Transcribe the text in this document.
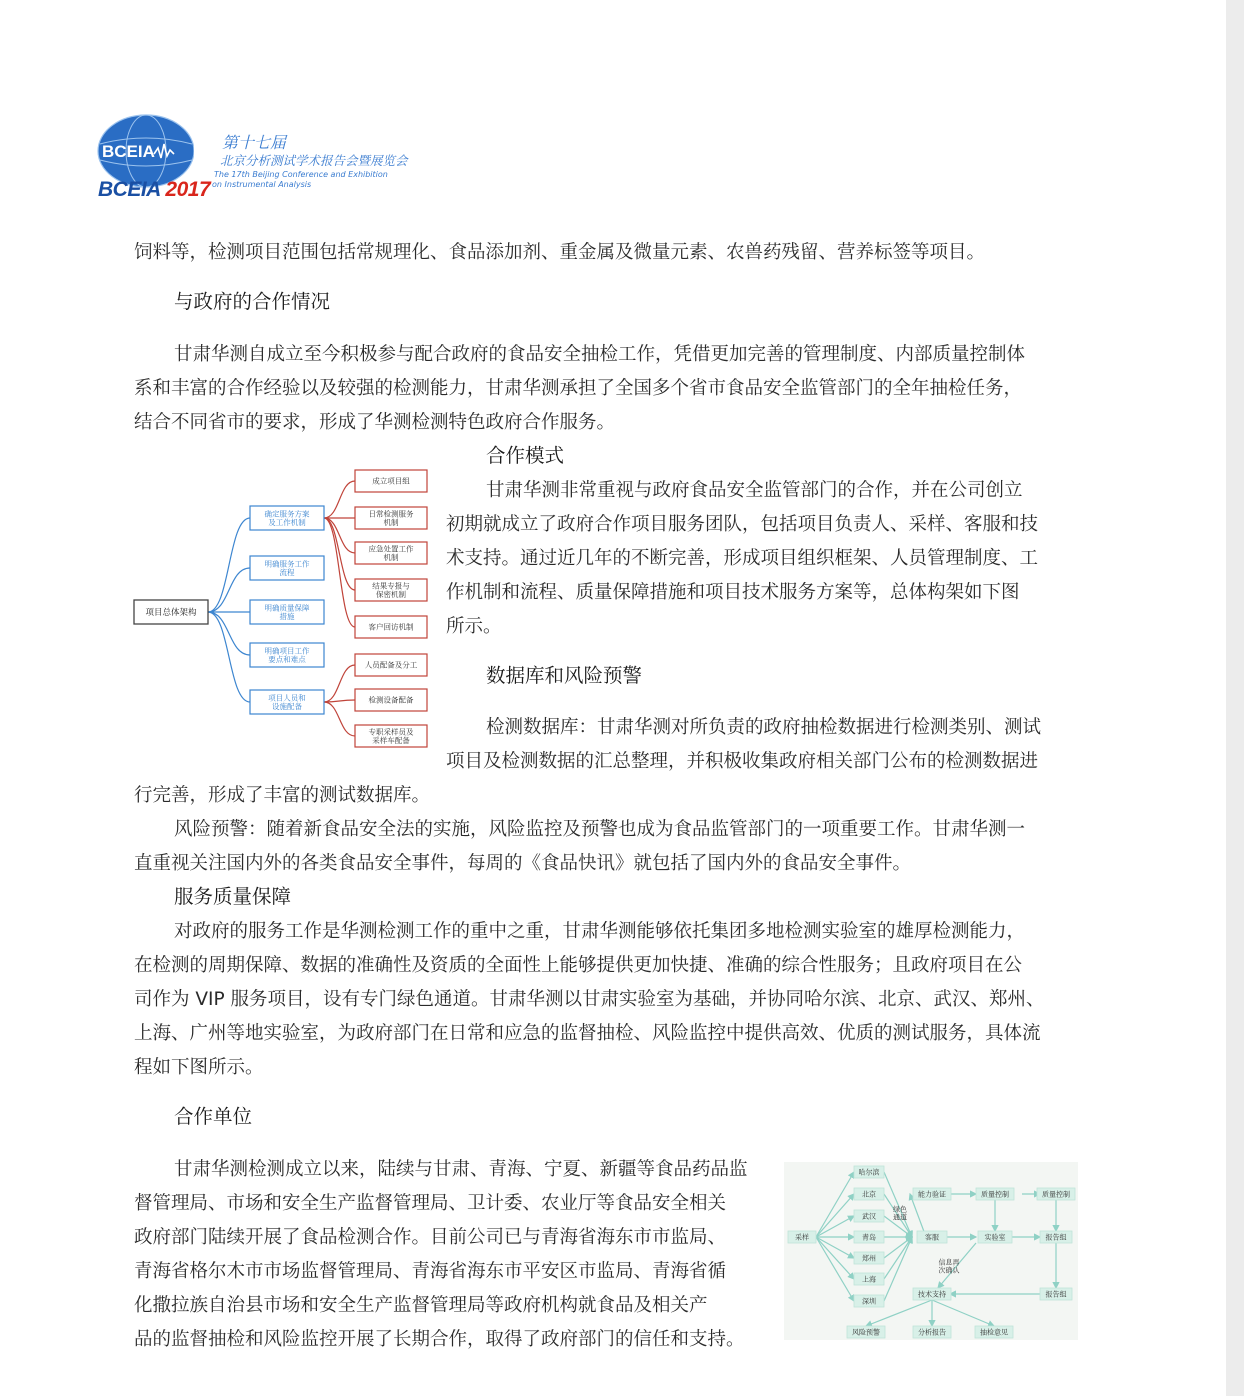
BCEIA
BCEIA 2017
第十七届
北京分析测试学术报告会暨展览会
The 17th Beijing Conference and Exhibition
on Instrumental Analysis
饲料等，检测项目范围包括常规理化、食品添加剂、重金属及微量元素、农兽药残留、营养标签等项目。
与政府的合作情况
甘肃华测自成立至今积极参与配合政府的食品安全抽检工作，凭借更加完善的管理制度、内部质量控制体
系和丰富的合作经验以及较强的检测能力，甘肃华测承担了全国多个省市食品安全监管部门的全年抽检任务，
结合不同省市的要求，形成了华测检测特色政府合作服务。
合作模式
甘肃华测非常重视与政府食品安全监管部门的合作，并在公司创立
初期就成立了政府合作项目服务团队，包括项目负责人、采样、客服和技
术支持。通过近几年的不断完善，形成项目组织框架、人员管理制度、工
作机制和流程、质量保障措施和项目技术服务方案等，总体构架如下图
所示。
项目总体架构
确定服务方案
及工作机制
明确服务工作
流程
明确质量保障
措施
明确项目工作
要点和难点
项目人员和
设施配备
成立项目组
日常检测服务
机制
应急处置工作
机制
结果专报与
保密机制
客户回访机制
人员配备及分工
检测设备配备
专职采样员及
采样车配备
数据库和风险预警
检测数据库：甘肃华测对所负责的政府抽检数据进行检测类别、测试
项目及检测数据的汇总整理，并积极收集政府相关部门公布的检测数据进
行完善，形成了丰富的测试数据库。
风险预警：随着新食品安全法的实施，风险监控及预警也成为食品监管部门的一项重要工作。甘肃华测一
直重视关注国内外的各类食品安全事件，每周的《食品快讯》就包括了国内外的食品安全事件。
服务质量保障
对政府的服务工作是华测检测工作的重中之重，甘肃华测能够依托集团多地检测实验室的雄厚检测能力，
在检测的周期保障、数据的准确性及资质的全面性上能够提供更加快捷、准确的综合性服务；且政府项目在公
司作为 VIP 服务项目，设有专门绿色通道。甘肃华测以甘肃实验室为基础，并协同哈尔滨、北京、武汉、郑州、
上海、广州等地实验室，为政府部门在日常和应急的监督抽检、风险监控中提供高效、优质的测试服务，具体流
程如下图所示。
合作单位
甘肃华测检测成立以来，陆续与甘肃、青海、宁夏、新疆等食品药品监
督管理局、市场和安全生产监督管理局、卫计委、农业厅等食品安全相关
政府部门陆续开展了食品检测合作。目前公司已与青海省海东市市监局、
青海省格尔木市市场监督管理局、青海省海东市平安区市监局、青海省循
化撒拉族自治县市场和安全生产监督管理局等政府机构就食品及相关产
品的监督抽检和风险监控开展了长期合作，取得了政府部门的信任和支持。
采样
哈尔滨
北京
武汉
青岛
郑州
上海
深圳
绿色
通道
能力验证
客服
质量控制
实验室
质量控制
报告组
信息再
次确认
技术支持	报告组
风险预警	分析报告	抽检意见
